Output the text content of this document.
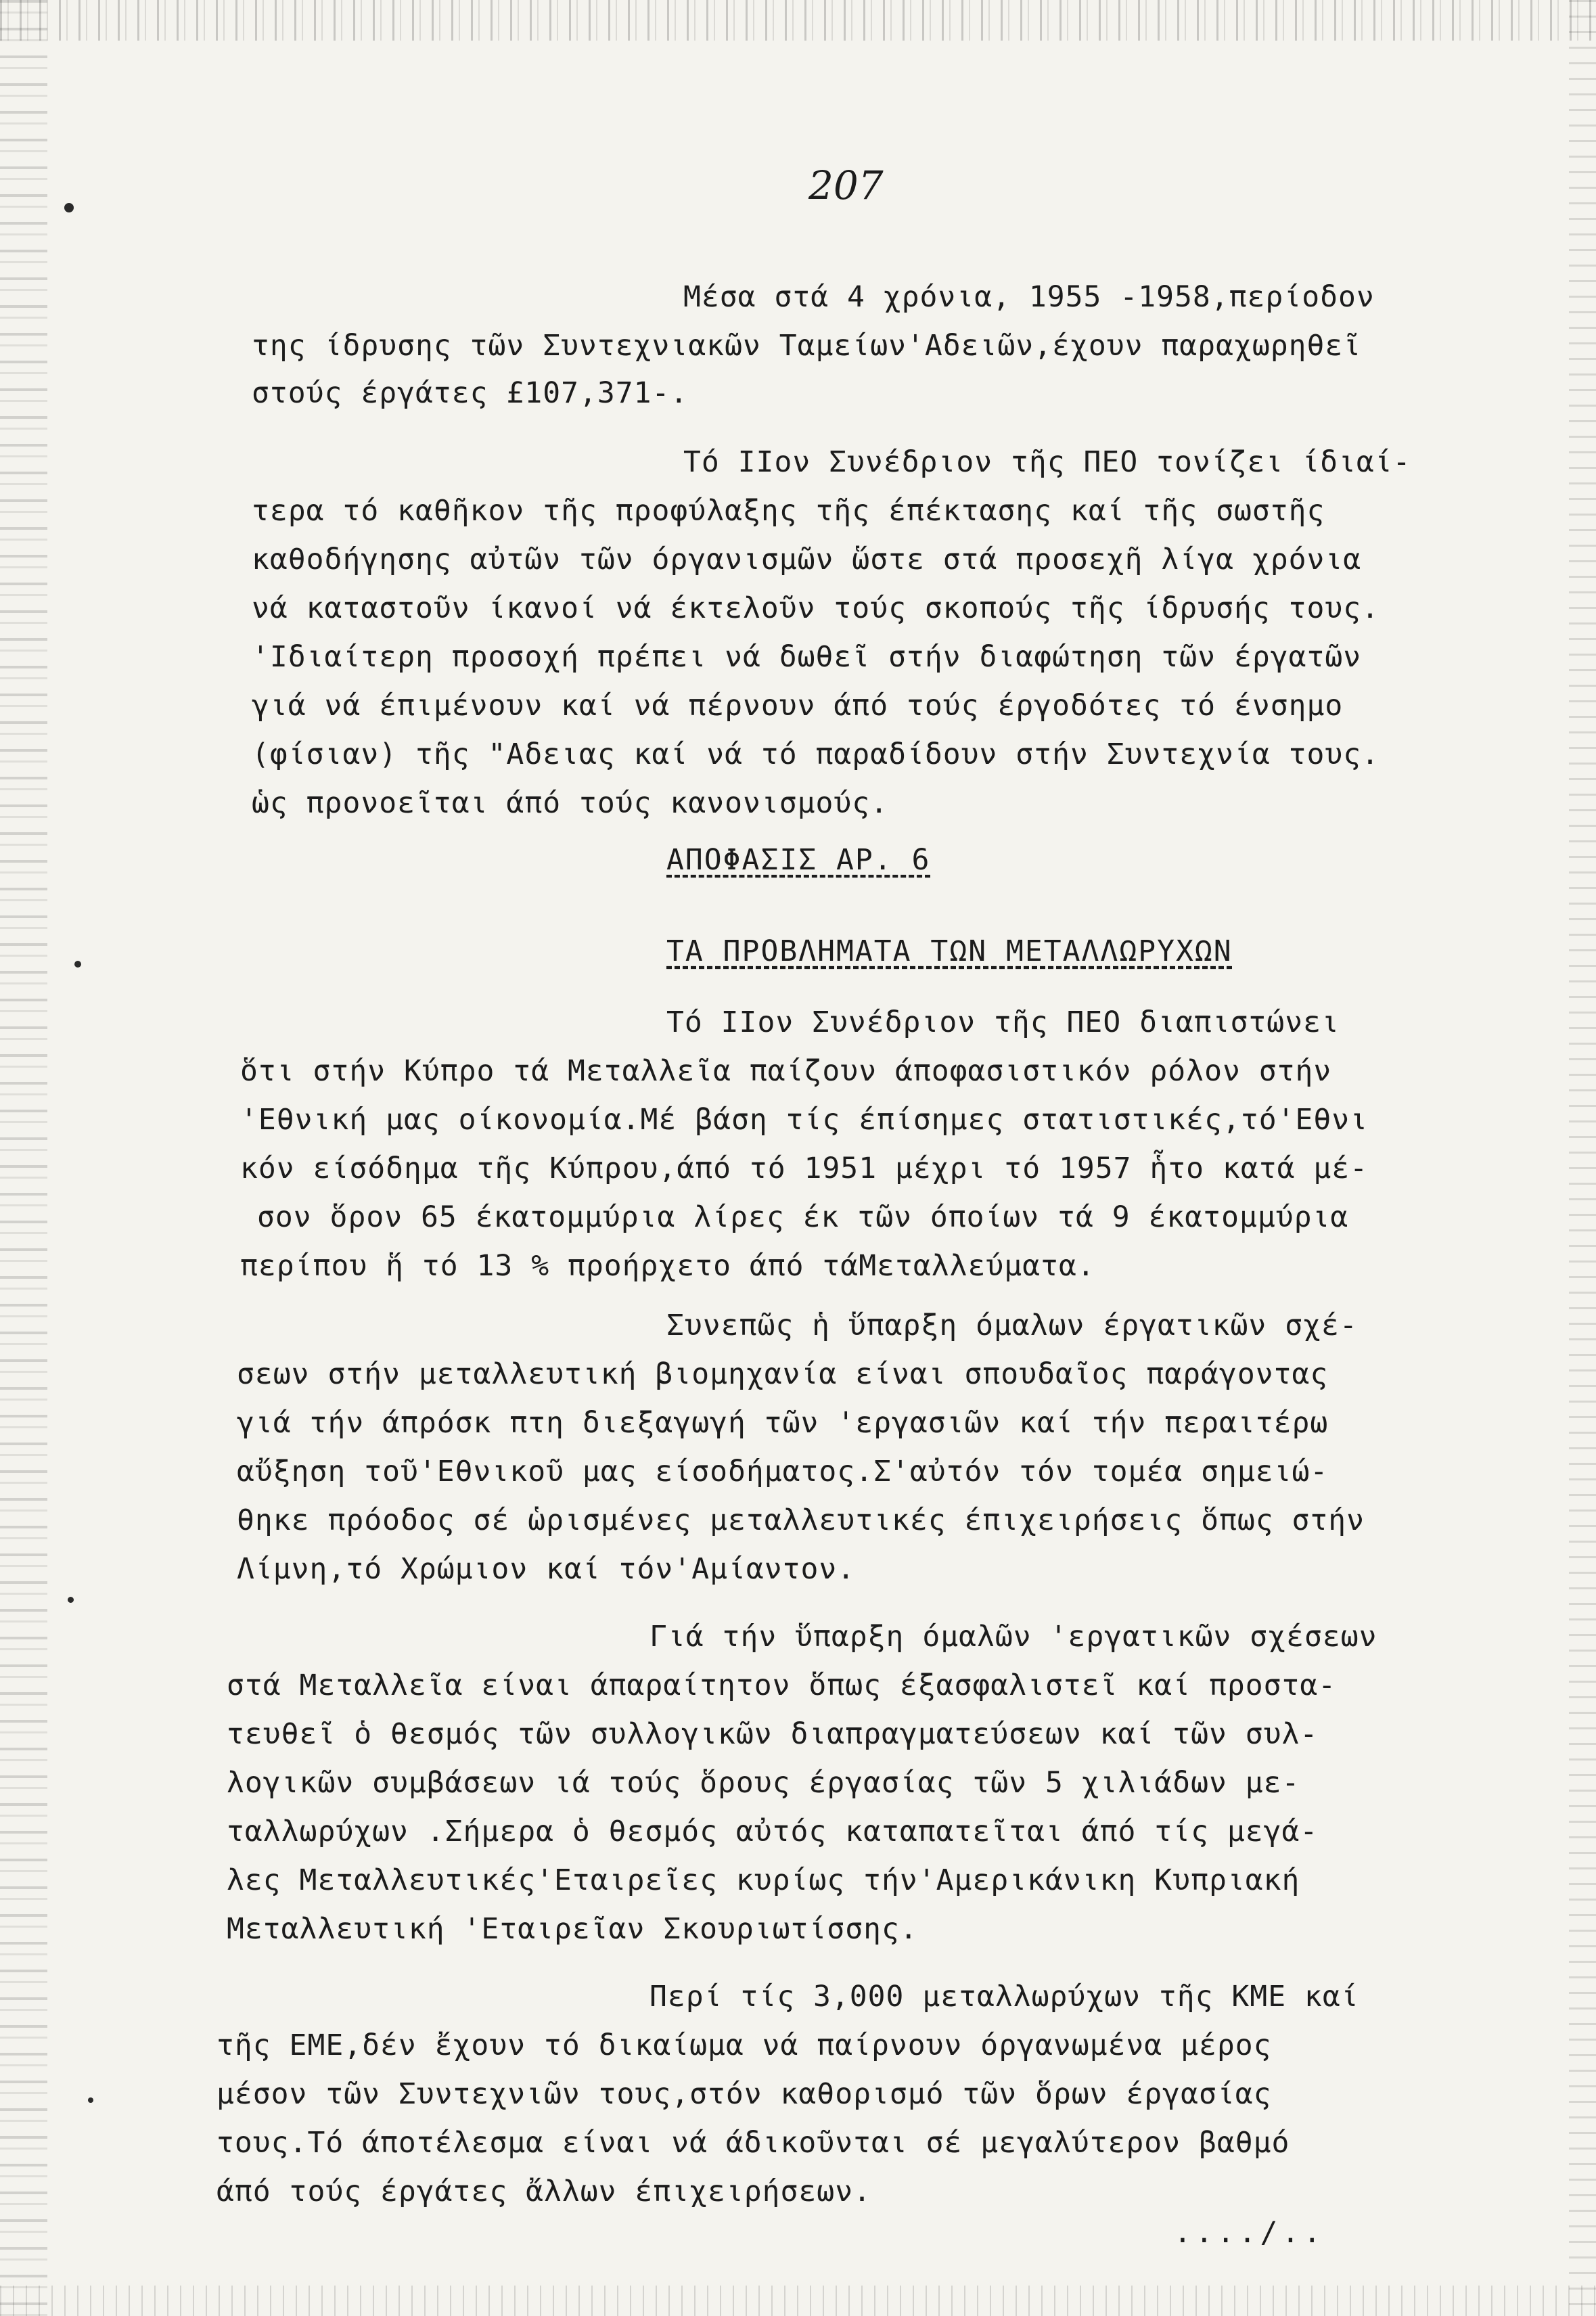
207
Μέσα στά 4 χρόνια, 1955 -1958,περίοδον
της ίδρυσης τῶν Συντεχνιακῶν Ταμείων'Αδειῶν,έχουν παραχωρηθεῖ
στούς έργάτες £107,371-.
Τό IIον Συνέδριον τῆς ΠΕΟ τονίζει ίδιαί-
τερα τό καθῆκον τῆς προφύλαξης τῆς έπέκτασης καί τῆς σωστῆς
καθοδήγησης αὐτῶν τῶν όργανισμῶν ὥστε στά προσεχῆ λίγα χρόνια
νά καταστοῦν ίκανοί νά έκτελοῦν τούς σκοπούς τῆς ίδρυσής τους.
'Ιδιαίτερη προσοχή πρέπει νά δωθεῖ στήν διαφώτηση τῶν έργατῶν
γιά νά έπιμένουν καί νά πέρνουν άπό τούς έργοδότες τό ένσημο
(φίσιαν) τῆς "Αδειας καί νά τό παραδίδουν στήν Συντεχνία τους.
ὡς προνοεῖται άπό τούς κανονισμούς.
ΑΠΟΦΑΣΙΣ ΑΡ. 6
ΤΑ ΠΡΟΒΛΗΜΑΤΑ ΤΩΝ ΜΕΤΑΛΛΩΡΥΧΩΝ
Τό IIον Συνέδριον τῆς ΠΕΟ διαπιστώνει
ὅτι στήν Κύπρο τά Μεταλλεῖα παίζουν άποφασιστικόν ρόλον στήν
'Εθνική μας οίκονομία.Μέ βάση τίς έπίσημες στατιστικές,τό'Εθνι
κόν είσόδημα τῆς Κύπρου,άπό τό 1951 μέχρι τό 1957 ἧτο κατά μέ-
σον ὅρον 65 έκατομμύρια λίρες έκ τῶν όποίων τά 9 έκατομμύρια
περίπου ἥ τό 13 % προήρχετο άπό τάΜεταλλεύματα.
Συνεπῶς ἡ ὕπαρξη όμαλων έργατικῶν σχέ-
σεων στήν μεταλλευτική βιομηχανία είναι σπουδαῖος παράγοντας
γιά τήν άπρόσκ πτη διεξαγωγή τῶν 'εργασιῶν καί τήν περαιτέρω
αὔξηση τοῦ'Εθνικοῦ μας είσοδήματος.Σ'αὐτόν τόν τομέα σημειώ-
θηκε πρόοδος σέ ὡρισμένες μεταλλευτικές έπιχειρήσεις ὅπως στήν
Λίμνη,τό Χρώμιον καί τόν'Αμίαντον.
Γιά τήν ὕπαρξη όμαλῶν 'εργατικῶν σχέσεων
στά Μεταλλεῖα είναι άπαραίτητον ὅπως έξασφαλιστεῖ καί προστα-
τευθεῖ ὁ θεσμός τῶν συλλογικῶν διαπραγματεύσεων καί τῶν συλ-
λογικῶν συμβάσεων ιά τούς ὅρους έργασίας τῶν 5 χιλιάδων με-
ταλλωρύχων .Σήμερα ὁ θεσμός αὐτός καταπατεῖται άπό τίς μεγά-
λες Μεταλλευτικές'Εταιρεῖες κυρίως τήν'Αμερικάνικη Κυπριακή
Μεταλλευτική 'Εταιρεῖαν Σκουριωτίσσης.
Περί τίς 3,000 μεταλλωρύχων τῆς ΚΜΕ καί
τῆς ΕΜΕ,δέν ἔχουν τό δικαίωμα νά παίρνουν όργανωμένα μέρος
μέσον τῶν Συντεχνιῶν τους,στόν καθορισμό τῶν ὅρων έργασίας
τους.Τό άποτέλεσμα είναι νά άδικοῦνται σέ μεγαλύτερον βαθμό
άπό τούς έργάτες ἄλλων έπιχειρήσεων.
..../..
